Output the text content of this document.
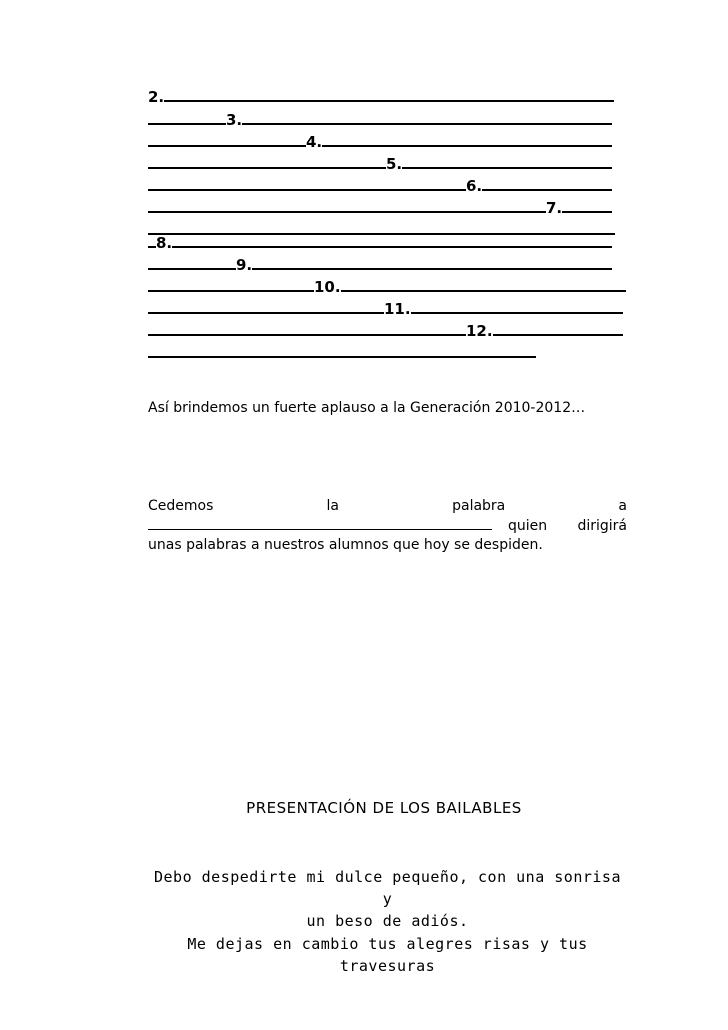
2.
3.
4.
5.
6.
7.
8.
9.
10.
11.
12.
Así brindemos un fuerte aplauso a la Generación 2010-2012…
Cedemos	la	palabra	a
quien dirigirá
unas palabras a nuestros alumnos que hoy se despiden.
PRESENTACIÓN DE LOS BAILABLES
Debo despedirte mi dulce pequeño, con una sonrisa y
un beso de adiós.
Me dejas en cambio tus alegres risas y tus travesuras
